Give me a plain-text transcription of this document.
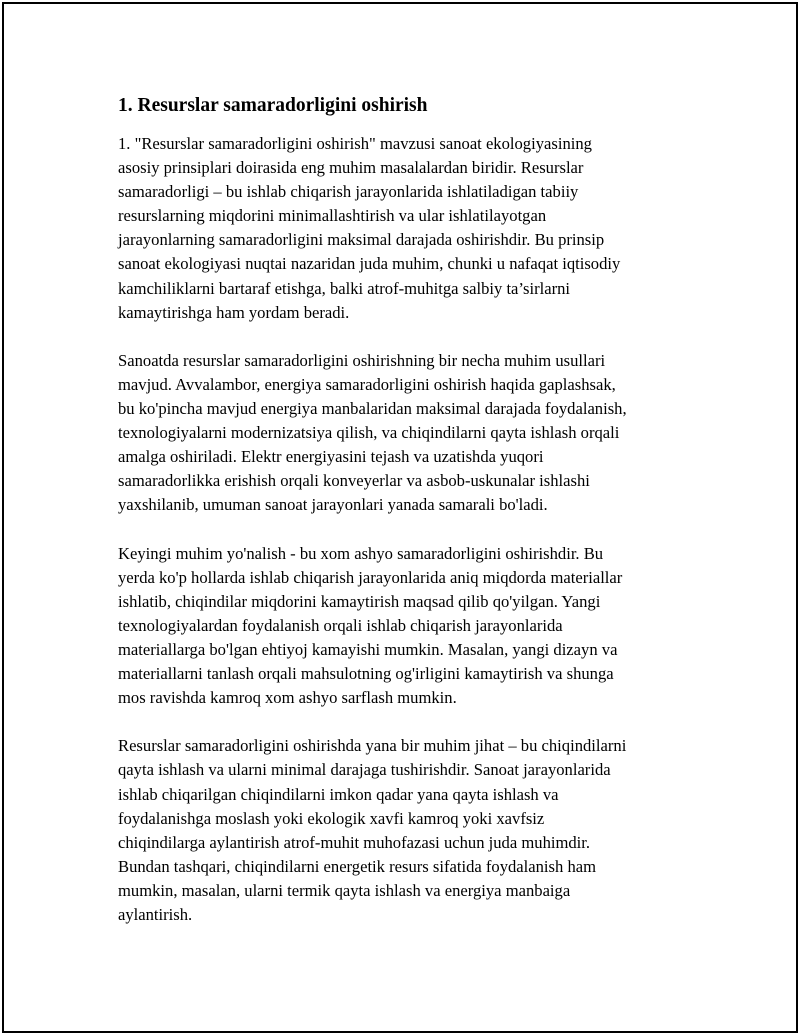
1. Resurslar samaradorligini oshirish
1. "Resurslar samaradorligini oshirish" mavzusi sanoat ekologiyasining
asosiy prinsiplari doirasida eng muhim masalalardan biridir. Resurslar
samaradorligi – bu ishlab chiqarish jarayonlarida ishlatiladigan tabiiy
resurslarning miqdorini minimallashtirish va ular ishlatilayotgan
jarayonlarning samaradorligini maksimal darajada oshirishdir. Bu prinsip
sanoat ekologiyasi nuqtai nazaridan juda muhim, chunki u nafaqat iqtisodiy
kamchiliklarni bartaraf etishga, balki atrof-muhitga salbiy ta’sirlarni
kamaytirishga ham yordam beradi.
Sanoatda resurslar samaradorligini oshirishning bir necha muhim usullari
mavjud. Avvalambor, energiya samaradorligini oshirish haqida gaplashsak,
bu ko'pincha mavjud energiya manbalaridan maksimal darajada foydalanish,
texnologiyalarni modernizatsiya qilish, va chiqindilarni qayta ishlash orqali
amalga oshiriladi. Elektr energiyasini tejash va uzatishda yuqori
samaradorlikka erishish orqali konveyerlar va asbob-uskunalar ishlashi
yaxshilanib, umuman sanoat jarayonlari yanada samarali bo'ladi.
Keyingi muhim yo'nalish - bu xom ashyo samaradorligini oshirishdir. Bu
yerda ko'p hollarda ishlab chiqarish jarayonlarida aniq miqdorda materiallar
ishlatib, chiqindilar miqdorini kamaytirish maqsad qilib qo'yilgan. Yangi
texnologiyalardan foydalanish orqali ishlab chiqarish jarayonlarida
materiallarga bo'lgan ehtiyoj kamayishi mumkin. Masalan, yangi dizayn va
materiallarni tanlash orqali mahsulotning og'irligini kamaytirish va shunga
mos ravishda kamroq xom ashyo sarflash mumkin.
Resurslar samaradorligini oshirishda yana bir muhim jihat – bu chiqindilarni
qayta ishlash va ularni minimal darajaga tushirishdir. Sanoat jarayonlarida
ishlab chiqarilgan chiqindilarni imkon qadar yana qayta ishlash va
foydalanishga moslash yoki ekologik xavfi kamroq yoki xavfsiz
chiqindilarga aylantirish atrof-muhit muhofazasi uchun juda muhimdir.
Bundan tashqari, chiqindilarni energetik resurs sifatida foydalanish ham
mumkin, masalan, ularni termik qayta ishlash va energiya manbaiga
aylantirish.
